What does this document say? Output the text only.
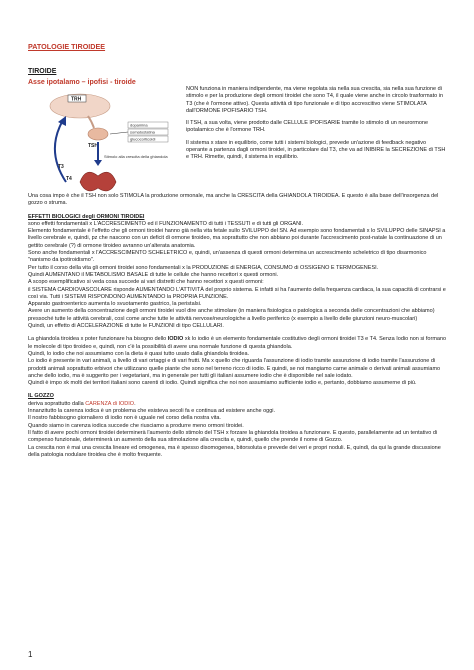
PATOLOGIE TIROIDEE
TIROIDE
Asse ipotalamo – ipofisi - tiroide
TRH
TSH
dopamina
somatostatina
glucocorticoidi
T3
T4
Stimolo alla crescita della ghiandola

NON funziona in maniera indipendente, ma viene regolata sia nella sua crescita, sia nella sua funzione di stimolo e per la produzione degli ormoni tiroidei che sono T4, il quale viene anche in circolo trasformato in T3 (che è l'ormone attivo). Questa attività di tipo funzionale e di tipo accrescitivo viene STIMOLATA dall'ORMONE IPOFISARIO TSH.

Il TSH, a sua volta, viene prodotto dalle CELLULE IPOFISARIE tramite lo stimolo di un neurormone ipotalamico che è l'ormone TRH.

Il sistema x stare in equilibrio, come tutti i sistemi biologici, prevede un'azione di feedback negativo operante a partenza dagli ormoni tiroidei, in particolare dal T3, che va ad INIBIRE la SECREZIONE di TSH e TRH. Rimette, quindi, il sistema in equilibrio.

Una cosa impo è che il TSH non solo STIMOLA la produzione ormonale, ma anche la CRESCITA della GHIANDOLA TIROIDEA. E questo è alla base dell'insorgenza del gozzo o struma.

EFFETTI BIOLOGICI degli ORMONI TIROIDEI

sono effetti fondamentali x L'ACCRESCIMENTO ed il FUNZIONAMENTO di tutti i TESSUTI e di tutti gli ORGANI.

Elemento fondamentale è l'effetto che gli ormoni tiroidei hanno già nella vita fetale sullo SVILUPPO del SN. Ad esempio sono fondamentali x lo SVILUPPO delle SINAPSI a livello cerebrale e, quindi, pz che nascono con un deficit di ormone tiroideo, ma soprattutto che non abbiano poi durante l'accrescimento post-natale la continuazione di un gettito cerebrale (?) di ormone tiroideo avranno un'alterata anatomia.

Sono anche fondamentali x l'ACCRESCIMENTO SCHELETRICO e, quindi, un'assenza di questi ormoni determina un accrescimento scheletrico di tipo disarmonico "nanismo da ipotiroidismo".

Per tutto il corso della vita gli ormoni tiroidei sono fondamentali x la PRODUZIONE di ENERGIA, CONSUMO di OSSIGENO E TERMOGENESI.

Quindi AUMENTANO il METABOLISMO BASALE di tutte le cellule che hanno recettori x questi ormoni.

A scopo esemplificativo si veda cosa succede ai vari distretti che hanno recettori x questi ormoni:

il SISTEMA CARDIOVASCOLARE risponde AUMENTANDO L'ATTIVITÀ del proprio sistema. E infatti si ha l'aumento della frequenza cardiaca, la sua capacità di contrarsi e così via. Tutti i SISTEMI RISPONDONO AUMENTANDO la PROPRIA FUNZIONE.

Apparato gastroenterico aumenta lo svuotamento gastrico, la peristalsi.

Avere un aumento della concentrazione degli ormoni tiroidei vuol dire anche stimolare (in maniera fisiologica o patologica a seconda delle concentrazioni che abbiamo) pressoché tutte le attività cerebrali, così come anche tutte le attività nervose/neurologiche a livello periferico (x esempio a livello delle giunzioni neuro-muscolari)

Quindi, un effetto di ACCELERAZIONE di tutte le FUNZIONI di tipo CELLULARI.

La ghiandola tiroidea x poter funzionare ha bisogno dello IODIO xk lo iodio è un elemento fondamentale costitutivo degli ormoni tiroidei T3 e T4. Senza Iodio non si formano le molecole di tipo tiroideo e, quindi, non c'è la possibilità di avere una normale funzione di questa ghiandola.

Quindi, lo iodio che noi assumiamo con la dieta è quasi tutto usato dalla ghiandola tiroidea.

Lo iodio è presente in vari animali, a livello di vari ortaggi e di vari frutti. Ma x quello che riguarda l'assunzione di iodio tramite assunzione di iodio tramite l'assunzione di prodotti animali soprattutto erbivori che utilizzano quelle piante che sono nel terreno ricco di iodio. E quindi, se noi mangiamo carne animale o derivati animali assumiamo anche dello iodio, ma è suggerito per i vegetariani, ma in generale per tutti gli italiani assumere iodio che è disponibile nel sale iodato.

Quindi è impo xk molti dei territori italiani sono carenti di iodio. Quindi significa che noi non assumiamo sufficiente iodio e, pertanto, dobbiamo assumerne di più.

IL GOZZO

deriva soprattutto dalla CARENZA di IODIO.

Innanzitutto la carenza iodica è un problema che esisteva secoli fa e continua ad esistere anche oggi.

Il nostro fabbisogno giornaliero di iodio non è uguale nel corso della nostra vita.

Quando siamo in carenza iodica succede che riusciamo a produrre meno ormoni tiroidei.

Il fatto di avere pochi ormoni tiroidei determinerà l'aumento dello stimolo del TSH x forzare la ghiandola tiroidea a funzionare. E questo, parallelamente ad un tentativo di compenso funzionale, determinerà un aumento della sua stimolazione alla crescita e, quindi, quello che prende il nome di Gozzo.

La crescita non è mai una crescita lineare ed omogenea, ma è spesso disomogenea, bitorsoluta e prevede dei veri e propri noduli. E, quindi, da qui la grande discussione della patologia nodulare tiroidea che è molto frequente.

1
